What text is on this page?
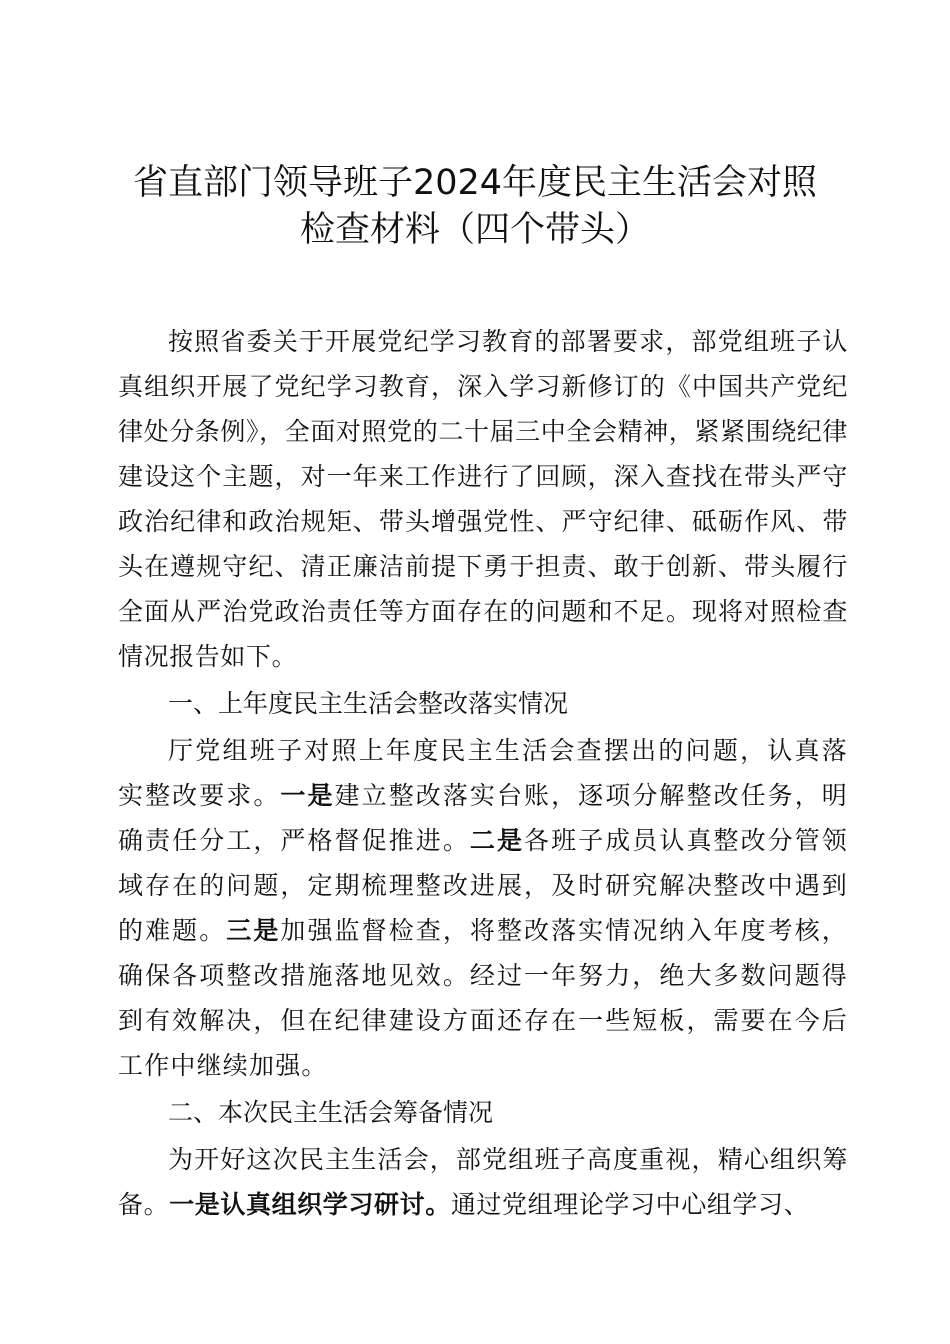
省直部门领导班子2024年度民主生活会对照
检查材料（四个带头）

按照省委关于开展党纪学习教育的部署要求，部党组班子认真组织开展了党纪学习教育，深入学习新修订的《中国共产党纪律处分条例》，全面对照党的二十届三中全会精神，紧紧围绕纪律建设这个主题，对一年来工作进行了回顾，深入查找在带头严守政治纪律和政治规矩、带头增强党性、严守纪律、砥砺作风、带头在遵规守纪、清正廉洁前提下勇于担责、敢于创新、带头履行全面从严治党政治责任等方面存在的问题和不足。现将对照检查情况报告如下。

一、上年度民主生活会整改落实情况

厅党组班子对照上年度民主生活会查摆出的问题，认真落实整改要求。一是建立整改落实台账，逐项分解整改任务，明确责任分工，严格督促推进。二是各班子成员认真整改分管领域存在的问题，定期梳理整改进展，及时研究解决整改中遇到的难题。三是加强监督检查，将整改落实情况纳入年度考核，确保各项整改措施落地见效。经过一年努力，绝大多数问题得到有效解决，但在纪律建设方面还存在一些短板，需要在今后工作中继续加强。

二、本次民主生活会筹备情况

为开好这次民主生活会，部党组班子高度重视，精心组织筹备。一是认真组织学习研讨。通过党组理论学习中心组学习、
